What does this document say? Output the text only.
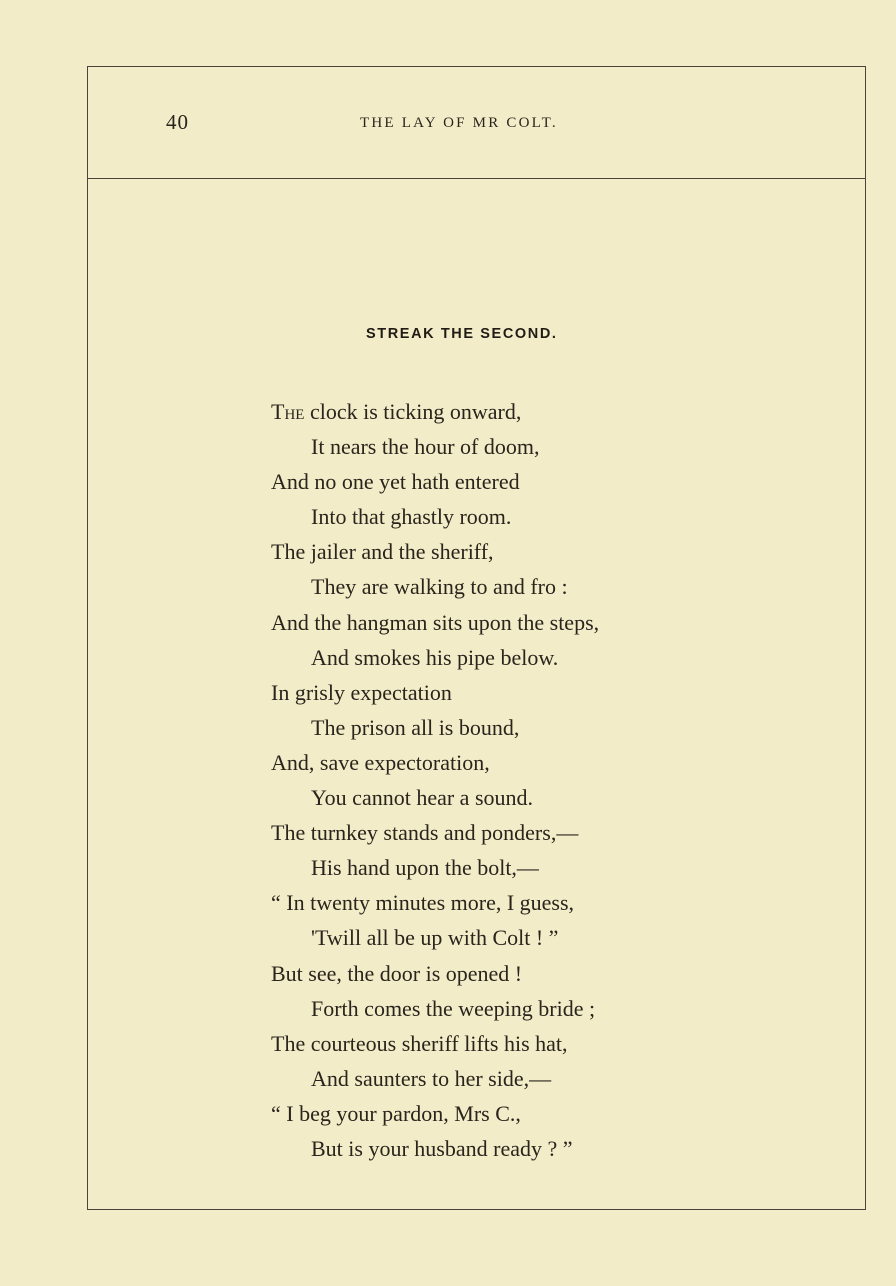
40	THE LAY OF MR COLT.
STREAK THE SECOND.
The clock is ticking onward,
It nears the hour of doom,
And no one yet hath entered
Into that ghastly room.
The jailer and the sheriff,
They are walking to and fro :
And the hangman sits upon the steps,
And smokes his pipe below.
In grisly expectation
The prison all is bound,
And, save expectoration,
You cannot hear a sound.
The turnkey stands and ponders,—
His hand upon the bolt,—
“ In twenty minutes more, I guess,
'Twill all be up with Colt ! ”
But see, the door is opened !
Forth comes the weeping bride ;
The courteous sheriff lifts his hat,
And saunters to her side,—
“ I beg your pardon, Mrs C.,
But is your husband ready ? ”
